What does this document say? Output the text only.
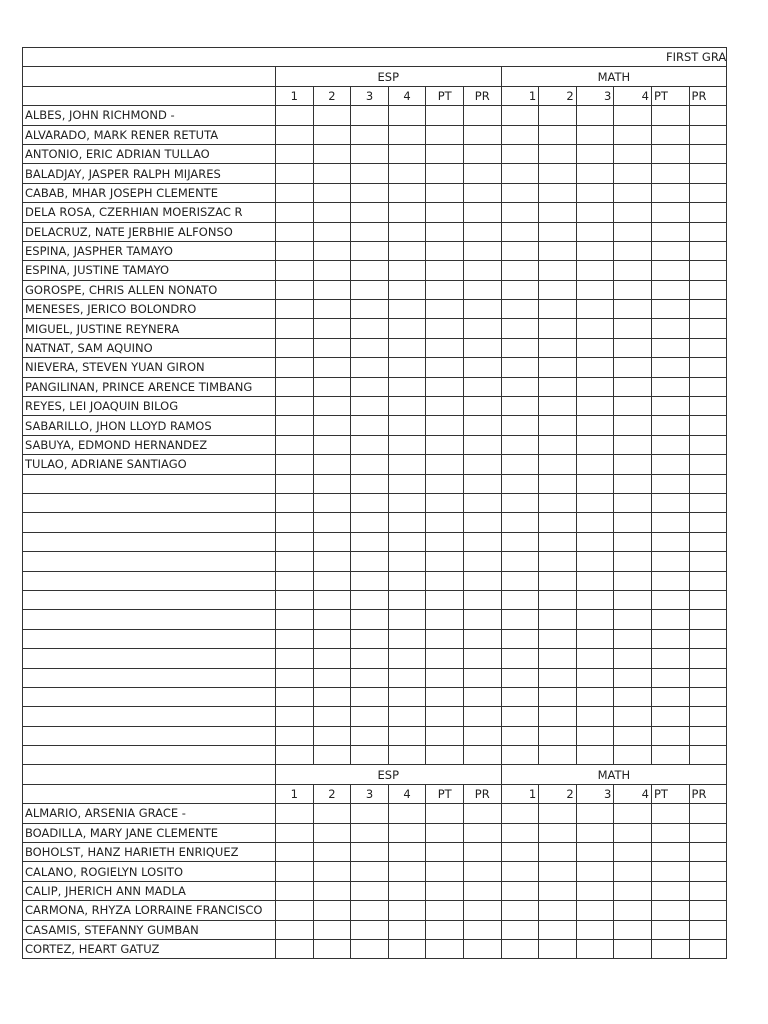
FIRST GRA												
	ESP						MATH					
	1	2	3	4	PT	PR	1	2	3	4	PT	PR
ALBES, JOHN RICHMOND -												
ALVARADO, MARK RENER RETUTA												
ANTONIO, ERIC ADRIAN TULLAO												
BALADJAY, JASPER RALPH MIJARES												
CABAB, MHAR JOSEPH CLEMENTE												
DELA ROSA, CZERHIAN MOERISZAC R												
DELACRUZ, NATE JERBHIE ALFONSO												
ESPINA, JASPHER TAMAYO												
ESPINA, JUSTINE TAMAYO												
GOROSPE, CHRIS ALLEN NONATO												
MENESES, JERICO BOLONDRO												
MIGUEL, JUSTINE REYNERA												
NATNAT, SAM AQUINO												
NIEVERA, STEVEN YUAN GIRON												
PANGILINAN, PRINCE ARENCE TIMBANG												
REYES, LEI JOAQUIN BILOG												
SABARILLO, JHON LLOYD RAMOS												
SABUYA, EDMOND HERNANDEZ												
TULAO, ADRIANE SANTIAGO												

	ESP						MATH					
	1	2	3	4	PT	PR	1	2	3	4	PT	PR
ALMARIO, ARSENIA GRACE -												
BOADILLA, MARY JANE CLEMENTE												
BOHOLST, HANZ HARIETH ENRIQUEZ												
CALANO, ROGIELYN LOSITO												
CALIP, JHERICH ANN MADLA												
CARMONA, RHYZA LORRAINE FRANCISCO												
CASAMIS, STEFANNY GUMBAN												
CORTEZ, HEART GATUZ												
